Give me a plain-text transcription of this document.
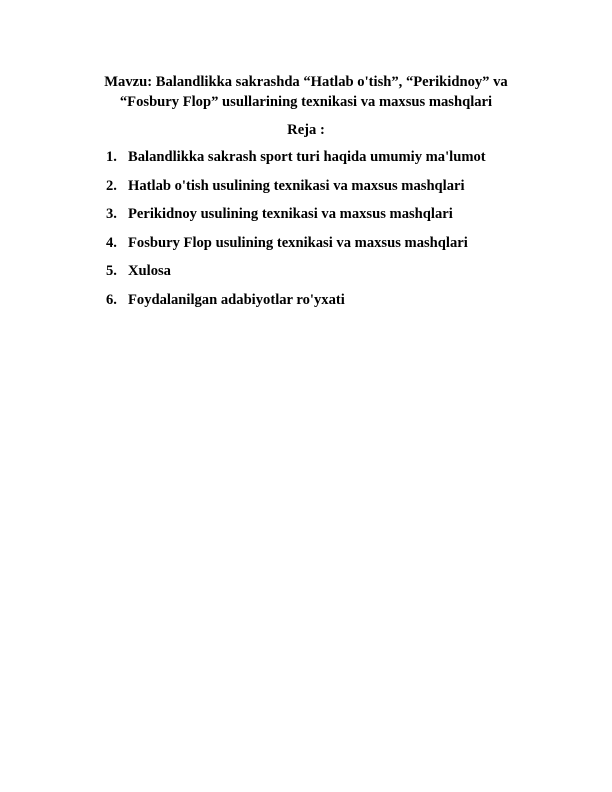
Mavzu: Balandlikka sakrashda “Hatlab o'tish”, “Perikidnoy” va
“Fosbury Flop” usullarining texnikasi va maxsus mashqlari

Reja :

1. Balandlikka sakrash sport turi haqida umumiy ma'lumot
2. Hatlab o'tish usulining texnikasi va maxsus mashqlari
3. Perikidnoy usulining texnikasi va maxsus mashqlari
4. Fosbury Flop usulining texnikasi va maxsus mashqlari
5. Xulosa
6. Foydalanilgan adabiyotlar ro'yxati
